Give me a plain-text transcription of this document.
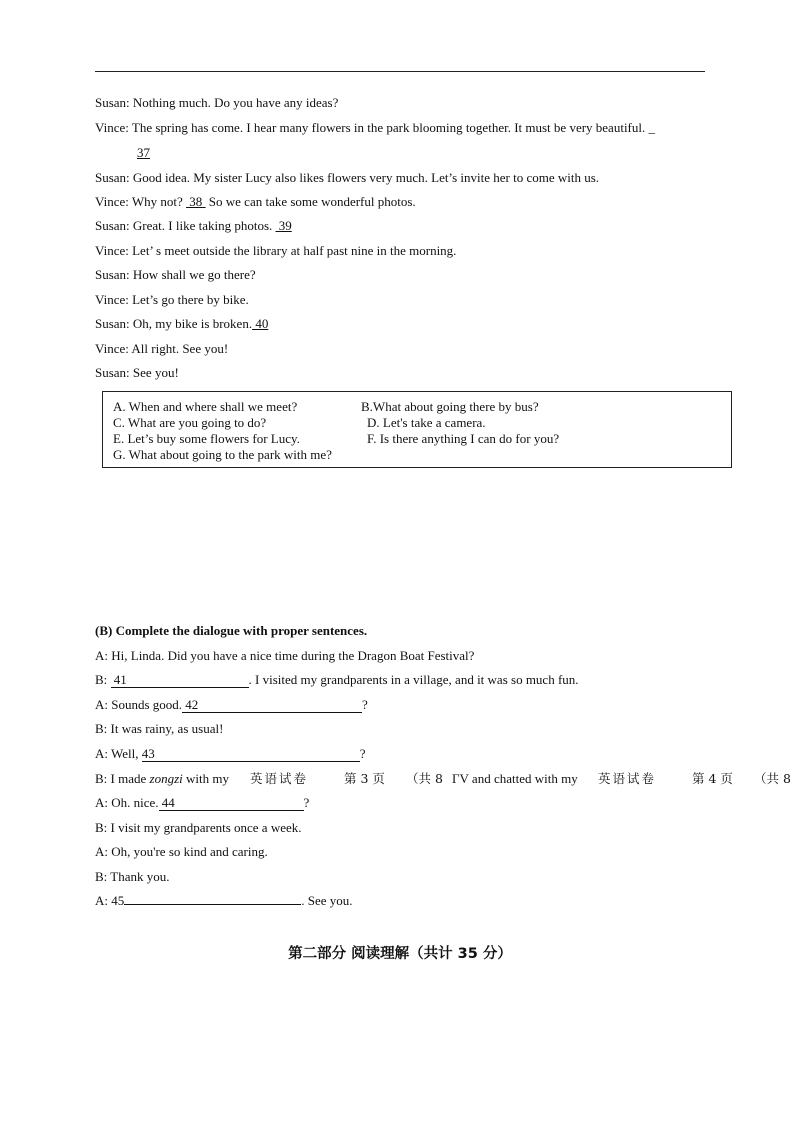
Susan: Nothing much. Do you have any ideas?
Vince: The spring has come. I hear many flowers in the park blooming together. It must be very beautiful. _
37
Susan: Good idea. My sister Lucy also likes flowers very much. Let’s invite her to come with us.
Vince: Why not?  38  So we can take some wonderful photos.
Susan: Great. I like taking photos.  39
Vince: Let’ s meet outside the library at half past nine in the morning.
Susan: How shall we go there?
Vince: Let’s go there by bike.
Susan: Oh, my bike is broken. 40
Vince: All right. See you!
Susan: See you!
A. When and where shall we meet?	B.What about going there by bus?
C. What are you going to do?	D. Let's take a camera.
E. Let’s buy some flowers for Lucy.	F. Is there anything I can do for you?
G. What about going to the park with me?
(B) Complete the dialogue with proper sentences.
A: Hi, Linda. Did you have a nice time during the Dragon Boat Festival?
B:  41	. I visited my grandparents in a village, and it was so much fun.
A: Sounds good. 42	?
B: It was rainy, as usual!
A: Well, 43	?
B: I made zongzi with my 英语试卷	第 3 页 （共 8 ΓV and chatted with my 英语试卷	第 4 页 （共 8
A: Oh. nice. 44	?
B: I visit my grandparents once a week.
A: Oh, you're so kind and caring.
B: Thank you.
A: 45	. See you.
第二部分 阅读理解（共计 35 分）
